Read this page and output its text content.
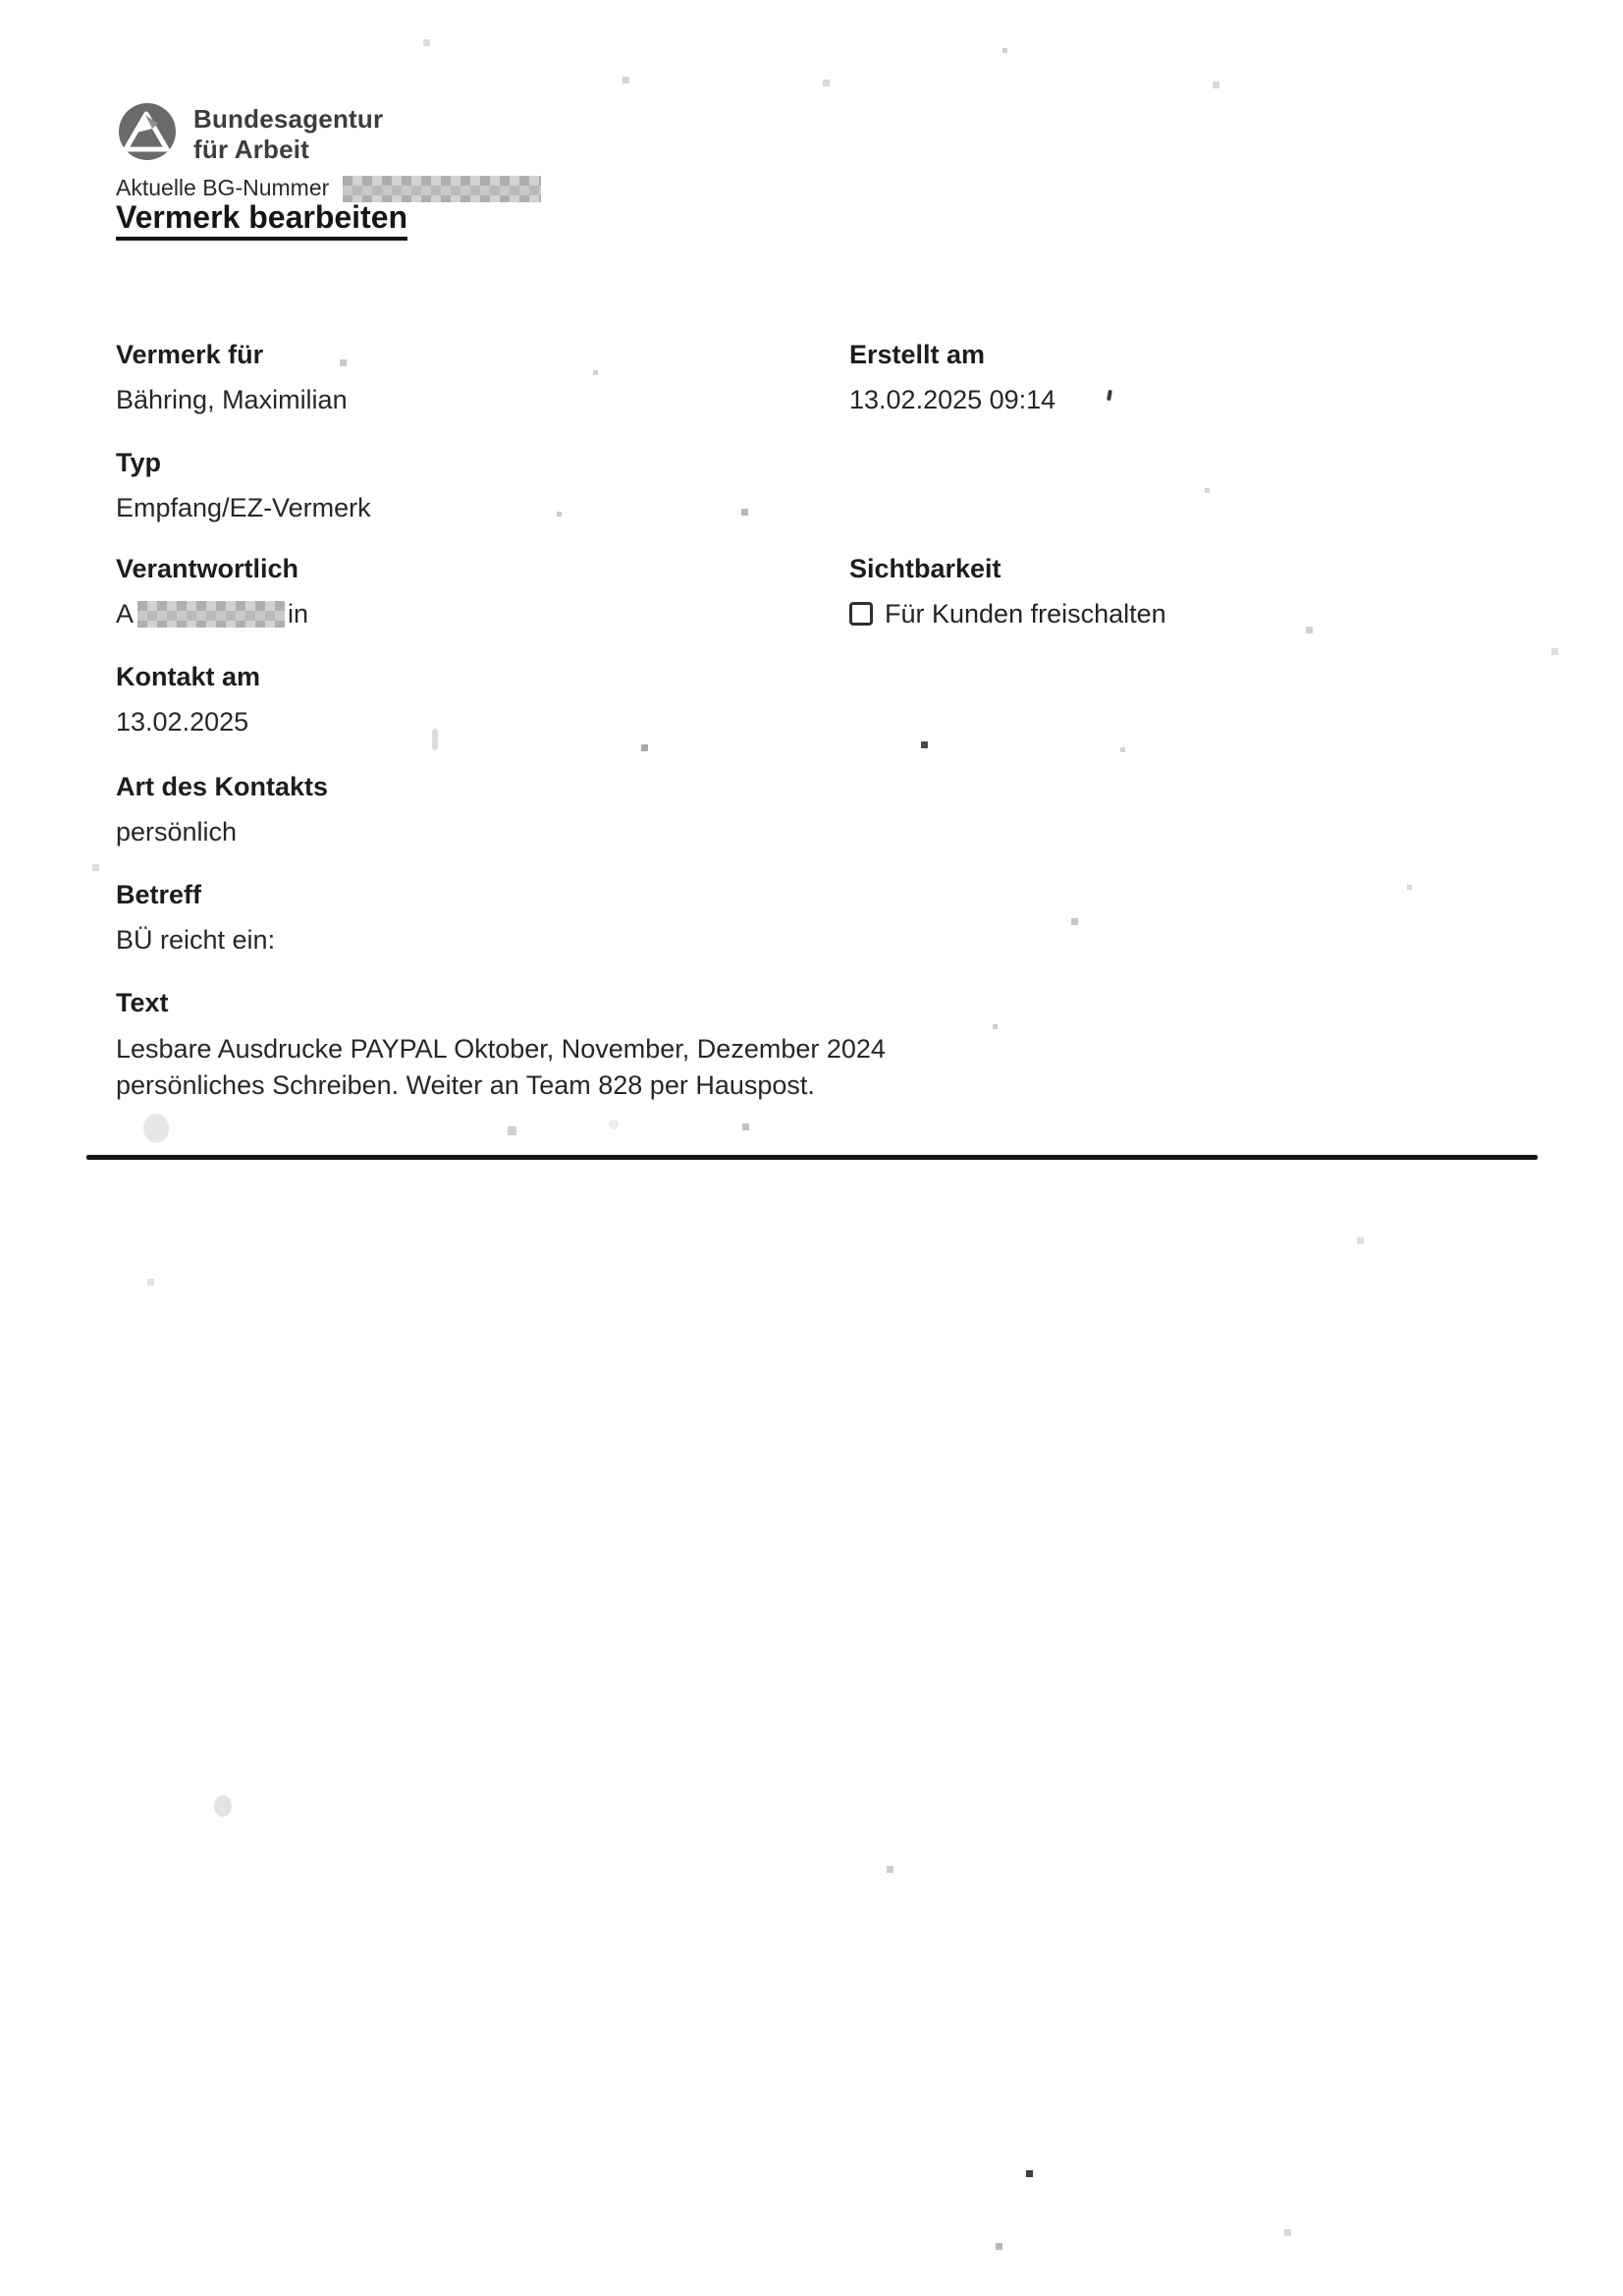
Bundesagentur
für Arbeit
Aktuelle BG-Nummer
Vermerk bearbeiten
Vermerk für
Bähring, Maximilian
Typ
Empfang/EZ-Vermerk
Verantwortlich
A	in
Kontakt am
13.02.2025
Art des Kontakts
persönlich
Betreff
BÜ reicht ein:
Text
Lesbare Ausdrucke PAYPAL Oktober, November, Dezember 2024
persönliches Schreiben. Weiter an Team 828 per Hauspost.
Erstellt am
13.02.2025 09:14
Sichtbarkeit
Für Kunden freischalten
